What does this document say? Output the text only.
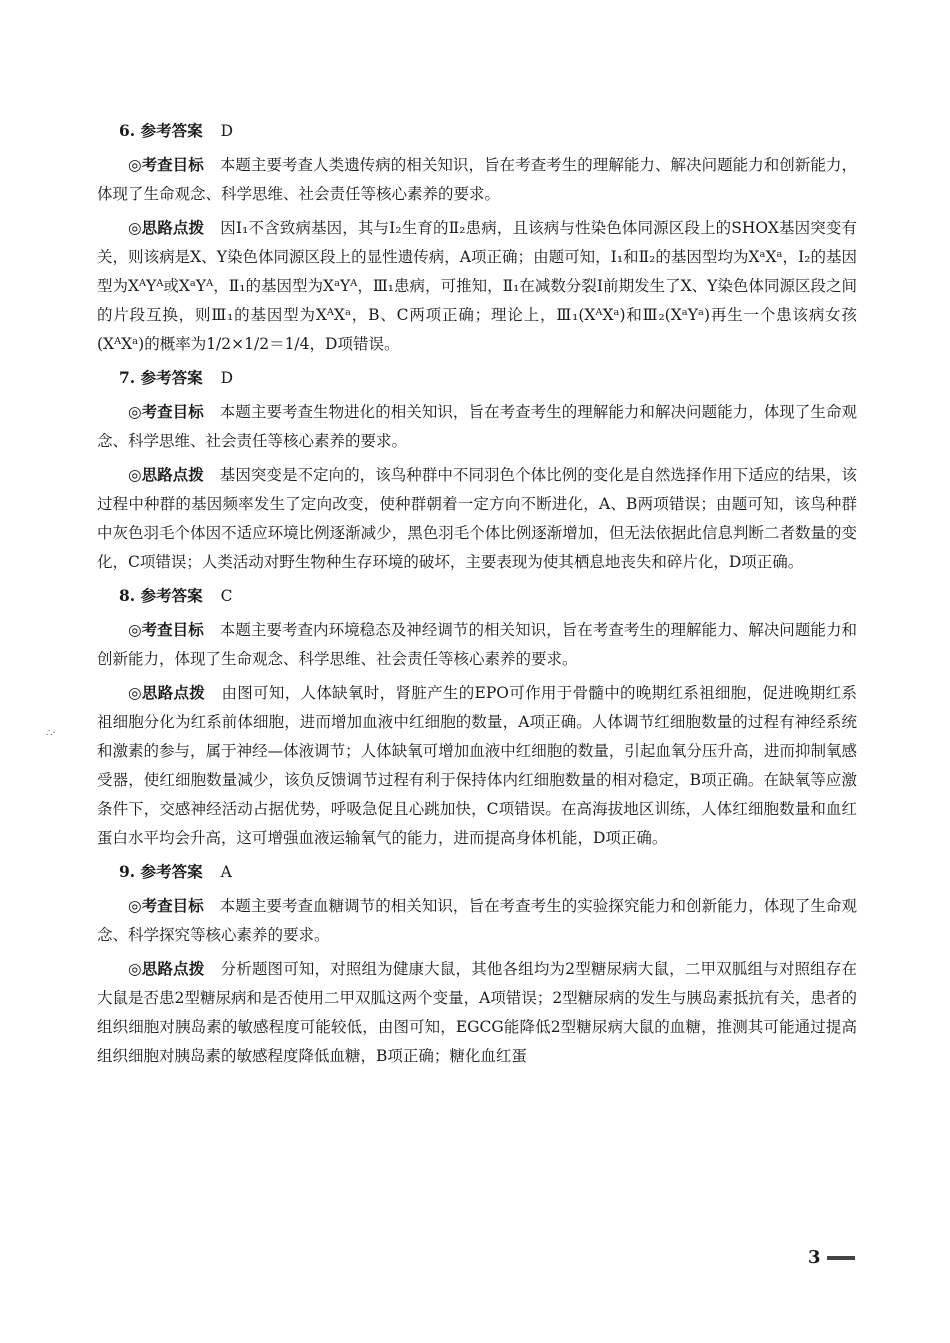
∴·
6. 参考答案 D

◎ 考查目标 本题主要考查人类遗传病的相关知识，旨在考查考生的理解能力、解决问题能力和创新能力，体现了生命观念、科学思维、社会责任等核心素养的要求。

◎ 思路点拨 因Ⅰ₁不含致病基因，其与Ⅰ₂生育的Ⅱ₂患病，且该病与性染色体同源区段上的SHOX基因突变有关，则该病是X、Y染色体同源区段上的显性遗传病，A项正确；由题可知，Ⅰ₁和Ⅱ₂的基因型均为XᵃXᵃ，Ⅰ₂的基因型为XᴬYᴬ或XᵃYᴬ，Ⅱ₁的基因型为XᵃYᴬ，Ⅲ₁患病，可推知，Ⅱ₁在减数分裂Ⅰ前期发生了X、Y染色体同源区段之间的片段互换，则Ⅲ₁的基因型为XᴬXᵃ，B、C两项正确；理论上，Ⅲ₁(XᴬXᵃ)和Ⅲ₂(XᵃYᵃ)再生一个患该病女孩(XᴬXᵃ)的概率为1/2×1/2＝1/4，D项错误。

7. 参考答案 D

◎ 考查目标 本题主要考查生物进化的相关知识，旨在考查考生的理解能力和解决问题能力，体现了生命观念、科学思维、社会责任等核心素养的要求。

◎ 思路点拨 基因突变是不定向的，该鸟种群中不同羽色个体比例的变化是自然选择作用下适应的结果，该过程中种群的基因频率发生了定向改变，使种群朝着一定方向不断进化，A、B两项错误；由题可知，该鸟种群中灰色羽毛个体因不适应环境比例逐渐减少，黑色羽毛个体比例逐渐增加，但无法依据此信息判断二者数量的变化，C项错误；人类活动对野生物种生存环境的破坏，主要表现为使其栖息地丧失和碎片化，D项正确。

8. 参考答案 C

◎ 考查目标 本题主要考查内环境稳态及神经调节的相关知识，旨在考查考生的理解能力、解决问题能力和创新能力，体现了生命观念、科学思维、社会责任等核心素养的要求。

◎ 思路点拨 由图可知，人体缺氧时，肾脏产生的EPO可作用于骨髓中的晚期红系祖细胞，促进晚期红系祖细胞分化为红系前体细胞，进而增加血液中红细胞的数量，A项正确。人体调节红细胞数量的过程有神经系统和激素的参与，属于神经—体液调节；人体缺氧可增加血液中红细胞的数量，引起血氧分压升高，进而抑制氧感受器，使红细胞数量减少，该负反馈调节过程有利于保持体内红细胞数量的相对稳定，B项正确。在缺氧等应激条件下，交感神经活动占据优势，呼吸急促且心跳加快，C项错误。在高海拔地区训练，人体红细胞数量和血红蛋白水平均会升高，这可增强血液运输氧气的能力，进而提高身体机能，D项正确。

9. 参考答案 A

◎ 考查目标 本题主要考查血糖调节的相关知识，旨在考查考生的实验探究能力和创新能力，体现了生命观念、科学探究等核心素养的要求。

◎ 思路点拨 分析题图可知，对照组为健康大鼠，其他各组均为2型糖尿病大鼠，二甲双胍组与对照组存在大鼠是否患2型糖尿病和是否使用二甲双胍这两个变量，A项错误；2型糖尿病的发生与胰岛素抵抗有关，患者的组织细胞对胰岛素的敏感程度可能较低，由图可知，EGCG能降低2型糖尿病大鼠的血糖，推测其可能通过提高组织细胞对胰岛素的敏感程度降低血糖，B项正确；糖化血红蛋

3
